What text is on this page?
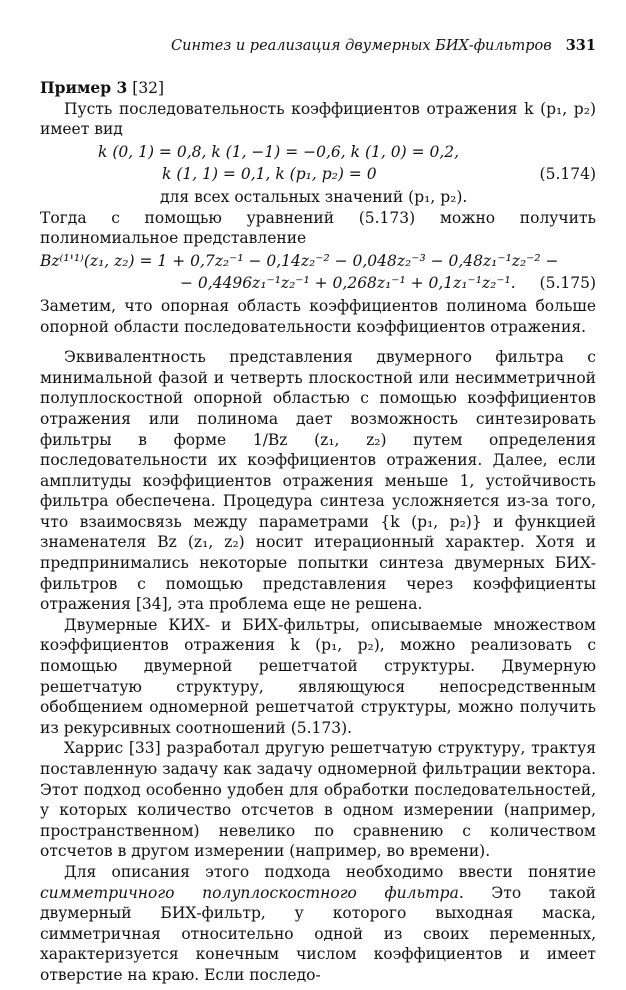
Синтез и реализация двумерных БИХ-фильтров 331

Пример 3 [32]

Пусть последовательность коэффициентов отражения k (p₁, p₂) имеет вид

k (0, 1) = 0,8, k (1, −1) = −0,6, k (1, 0) = 0,2,
k (1, 1) = 0,1, k (p₁, p₂) = 0	(5.174)

для всех остальных значений (p₁, p₂).

Тогда с помощью уравнений (5.173) можно получить полиномиальное представление

Bz⁽¹'¹⁾(z₁, z₂) = 1 + 0,7z₂⁻¹ − 0,14z₂⁻² − 0,048z₂⁻³ − 0,48z₁⁻¹z₂⁻² −
− 0,4496z₁⁻¹z₂⁻¹ + 0,268z₁⁻¹ + 0,1z₁⁻¹z₂⁻¹.	(5.175)

Заметим, что опорная область коэффициентов полинома больше опорной области последовательности коэффициентов отражения.

Эквивалентность представления двумерного фильтра с минимальной фазой и четверть плоскостной или несимметричной полуплоскостной опорной областью с помощью коэффициентов отражения или полинома дает возможность синтезировать фильтры в форме 1/Bz (z₁, z₂) путем определения последовательности их коэффициентов отражения. Далее, если амплитуды коэффициентов отражения меньше 1, устойчивость фильтра обеспечена. Процедура синтеза усложняется из-за того, что взаимосвязь между параметрами {k (p₁, p₂)} и функцией знаменателя Bz (z₁, z₂) носит итерационный характер. Хотя и предпринимались некоторые попытки синтеза двумерных БИХ-фильтров с помощью представления через коэффициенты отражения [34], эта проблема еще не решена.

Двумерные КИХ- и БИХ-фильтры, описываемые множеством коэффициентов отражения k (p₁, p₂), можно реализовать с помощью двумерной решетчатой структуры. Двумерную решетчатую структуру, являющуюся непосредственным обобщением одномерной решетчатой структуры, можно получить из рекурсивных соотношений (5.173).

Харрис [33] разработал другую решетчатую структуру, трактуя поставленную задачу как задачу одномерной фильтрации вектора. Этот подход особенно удобен для обработки последовательностей, у которых количество отсчетов в одном измерении (например, пространственном) невелико по сравнению с количеством отсчетов в другом измерении (например, во времени).

Для описания этого подхода необходимо ввести понятие симметричного полуплоскостного фильтра. Это такой двумерный БИХ-фильтр, у которого выходная маска, симметричная относительно одной из своих переменных, характеризуется конечным числом коэффициентов и имеет отверстие на краю. Если последо-
